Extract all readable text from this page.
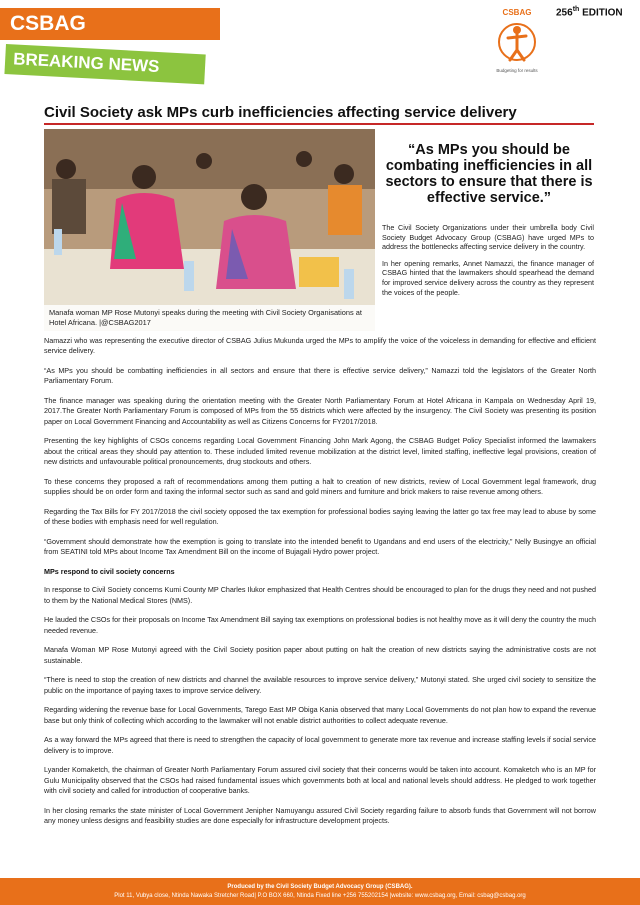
CSBAG
BREAKING NEWS
CSBAG
Budgeting for results
256th EDITION
Civil Society ask MPs curb inefficiencies affecting service delivery
Manafa woman MP Rose Mutonyi speaks during the meeting with Civil Society Organisations at Hotel Africana. |@CSBAG2017
“As MPs you should be combating inefficiencies in all sectors to ensure that there is effective service.”

The Civil Society Organizations under their umbrella body Civil Society Budget Advocacy Group (CSBAG) have urged MPs to address the bottlenecks affecting service delivery in the country.

In her opening remarks, Annet Namazzi, the finance manager of CSBAG hinted that the lawmakers should spearhead the demand for improved service delivery across the country as they represent the voices of the people.

Namazzi who was representing the executive director of CSBAG Julius Mukunda urged the MPs to amplify the voice of the voiceless in demanding for effective and efficient service delivery.

“As MPs you should be combatting inefficiencies in all sectors and ensure that there is effective service delivery,” Namazzi told the legislators of the Greater North Parliamentary Forum.

The finance manager was speaking during the orientation meeting with the Greater North Parliamentary Forum at Hotel Africana in Kampala on Wednesday April 19, 2017.The Greater North Parliamentary Forum is composed of MPs from the 55 districts which were affected by the insurgency. The Civil Society was presenting its position paper on Local Government Financing and Accountability as well as Citizens Concerns for FY2017/2018.

Presenting the key highlights of CSOs concerns regarding Local Government Financing John Mark Agong, the CSBAG Budget Policy Specialist informed the lawmakers about the critical areas they should pay attention to. These included limited revenue mobilization at the district level, limited staffing, ineffective legal provisions, creation of new districts and unfavourable political pronouncements, drug stockouts and others.

To these concerns they proposed a raft of recommendations among them putting a halt to creation of new districts, review of Local Government legal framework, drug supplies should be on order form and taxing the informal sector such as sand and gold miners and furniture and brick makers to raise revenue among others.

Regarding the Tax Bills for FY 2017/2018 the civil society opposed the tax exemption for professional bodies saying leaving the latter go tax free may lead to abuse by some of these bodies with emphasis need for well regulation.

“Government should demonstrate how the exemption is going to translate into the intended benefit to Ugandans and end users of the electricity,” Nelly Busingye an official from SEATINI told MPs about Income Tax Amendment Bill on the income of Bujagali Hydro power project.

MPs respond to civil society concerns

In response to Civil Society concerns Kumi County MP Charles Ilukor emphasized that Health Centres should be encouraged to plan for the drugs they need and not pushed to them by the National Medical Stores (NMS).

He lauded the CSOs for their proposals on Income Tax Amendment Bill saying tax exemptions on professional bodies is not healthy move as it will deny the country the much needed revenue.

Manafa Woman MP Rose Mutonyi agreed with the Civil Society position paper about putting on halt the creation of new districts saying the administrative costs are not sustainable.

“There is need to stop the creation of new districts and channel the available resources to improve service delivery,” Mutonyi stated. She urged civil society to sensitize the public on the importance of paying taxes to improve service delivery.

Regarding widening the revenue base for Local Governments, Tarego East MP Obiga Kania observed that many Local Governments do not plan how to expand the revenue base but only think of collecting which according to the lawmaker will not enable district authorities to collect adequate revenue.

As a way forward the MPs agreed that there is need to strengthen the capacity of local government to generate more tax revenue and increase staffing levels if social service delivery is to improve.

Lyander Komaketch, the chairman of Greater North Parliamentary Forum assured civil society that their concerns would be taken into account. Komaketch who is an MP for Gulu Municipality observed that the CSOs had raised fundamental issues which governments both at local and national levels should address. He pledged to work together with civil society and called for introduction of cooperative banks.

In her closing remarks the state minister of Local Government Jenipher Namuyangu assured Civil Society regarding failure to absorb funds that Government will not borrow any money unless designs and feasibility studies are done especially for infrastructure development projects.

Produced by the Civil Society Budget Advocacy Group (CSBAG).
Plot 11, Vubya close, Ntinda Nawaka Stretcher Road| P.O BOX 660, Ntinda Fixed line +256 755202154 |website: www.csbag.org, Email: csbag@csbag.org
